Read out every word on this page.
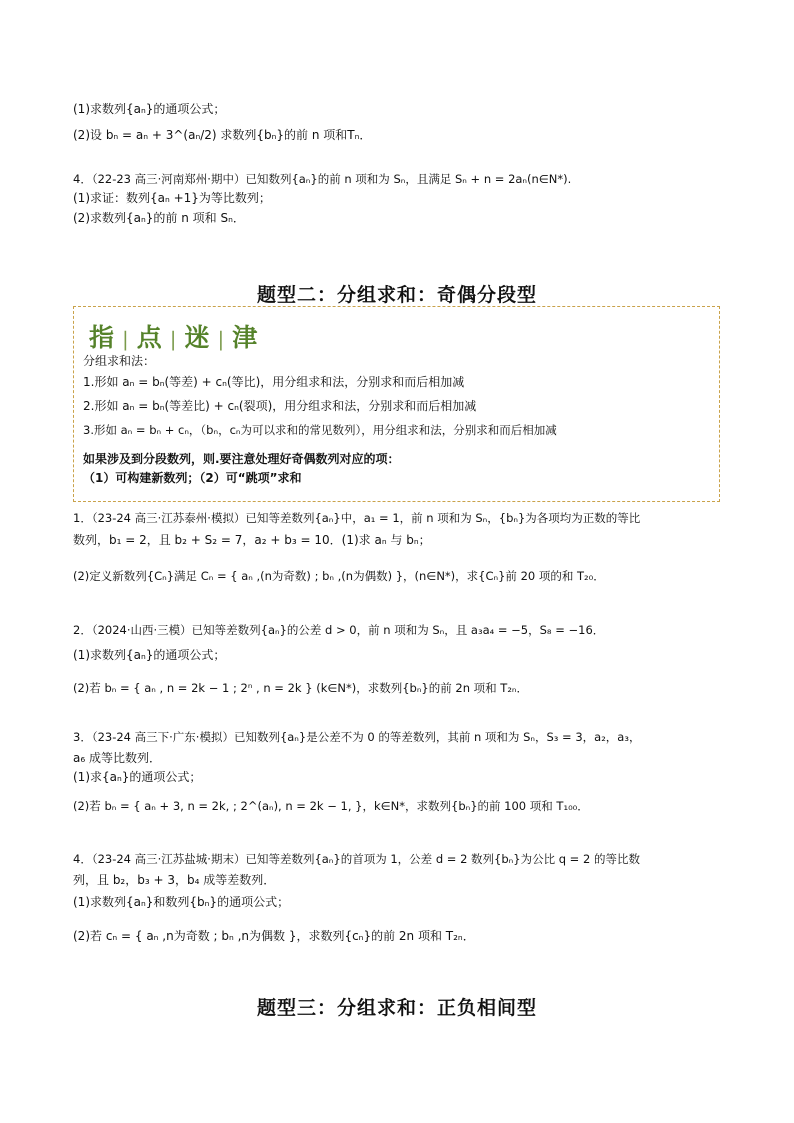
(1)求数列{aₙ}的通项公式；
(2)设 bₙ = aₙ + 3^(aₙ/2) 求数列{bₙ}的前 n 项和Tₙ．
4．（22-23 高三·河南郑州·期中）已知数列{aₙ}的前 n 项和为 Sₙ，且满足 Sₙ + n = 2aₙ(n∈N*).
(1)求证：数列{aₙ +1}为等比数列；
(2)求数列{aₙ}的前 n 项和 Sₙ．
题型二：分组求和：奇偶分段型
指 | 点 | 迷 | 津
分组求和法：
1.形如 aₙ = bₙ(等差) + cₙ(等比)，用分组求和法，分别求和而后相加减
2.形如 aₙ = bₙ(等差比) + cₙ(裂项)，用分组求和法，分别求和而后相加减
3.形如 aₙ = bₙ + cₙ，（bₙ，cₙ为可以求和的常见数列），用分组求和法，分别求和而后相加减
如果涉及到分段数列，则.要注意处理好奇偶数列对应的项：
（1）可构建新数列；（2）可“跳项”求和
1．（23-24 高三·江苏泰州·模拟）已知等差数列{aₙ}中，a₁ = 1，前 n 项和为 Sₙ，{bₙ}为各项均为正数的等比
数列，b₁ = 2，且 b₂ + S₂ = 7，a₂ + b₃ = 10．(1)求 aₙ 与 bₙ；
(2)定义新数列{Cₙ}满足 Cₙ = { aₙ ,(n为奇数) ; bₙ ,(n为偶数) }，(n∈N*)，求{Cₙ}前 20 项的和 T₂₀．
2．（2024·山西·三模）已知等差数列{aₙ}的公差 d > 0，前 n 项和为 Sₙ，且 a₃a₄ = −5，S₈ = −16．
(1)求数列{aₙ}的通项公式；
(2)若 bₙ = { aₙ , n = 2k − 1 ; 2ⁿ , n = 2k } (k∈N*)，求数列{bₙ}的前 2n 项和 T₂ₙ．
3．（23-24 高三下·广东·模拟）已知数列{aₙ}是公差不为 0 的等差数列，其前 n 项和为 Sₙ，S₃ = 3，a₂，a₃，
a₆ 成等比数列．
(1)求{aₙ}的通项公式；
(2)若 bₙ = { aₙ + 3, n = 2k, ; 2^(aₙ), n = 2k − 1, }，k∈N*，求数列{bₙ}的前 100 项和 T₁₀₀．
4．（23-24 高三·江苏盐城·期末）已知等差数列{aₙ}的首项为 1，公差 d = 2 数列{bₙ}为公比 q = 2 的等比数
列，且 b₂，b₃ + 3，b₄ 成等差数列．
(1)求数列{aₙ}和数列{bₙ}的通项公式；
(2)若 cₙ = { aₙ ,n为奇数 ; bₙ ,n为偶数 }，求数列{cₙ}的前 2n 项和 T₂ₙ．
题型三：分组求和：正负相间型
